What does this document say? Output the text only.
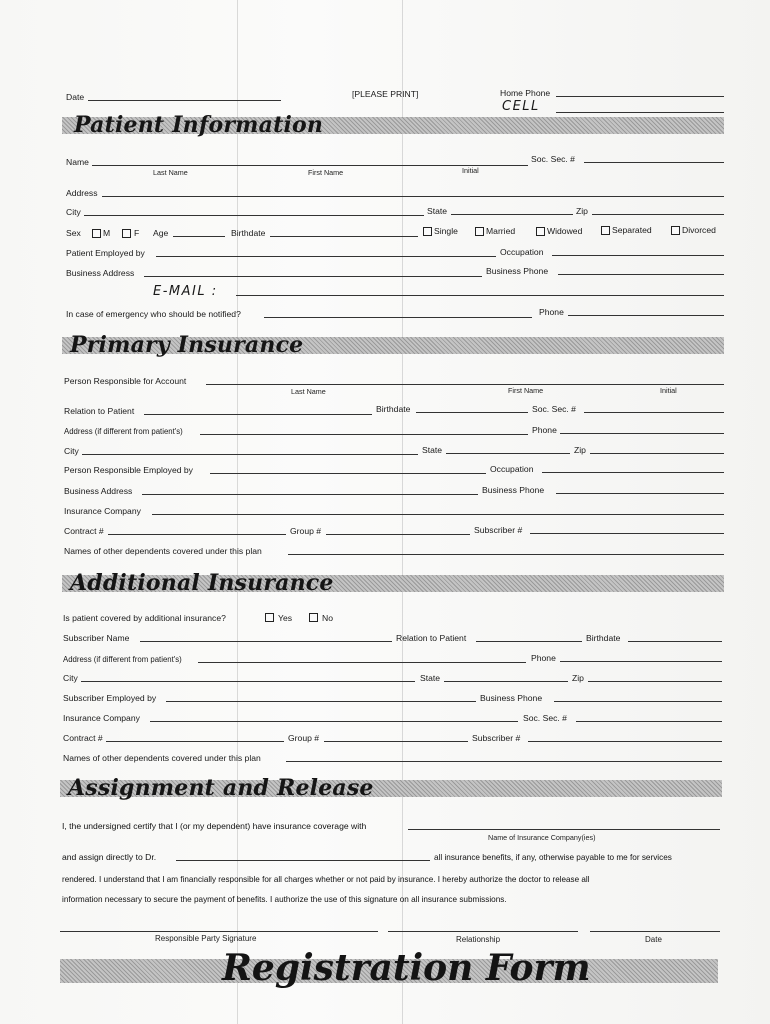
Date	[PLEASE PRINT]	Home Phone
CELL
Patient Information
Name	Soc. Sec. #
Last Name	First Name	Initial
Address
City	State	Zip
Sex	M	F Age	Birthdate	Single	Married	Widowed	Separated	Divorced
Patient Employed by	Occupation
Business Address	Business Phone
E-MAIL :
In case of emergency who should be notified?	Phone
Primary Insurance
Person Responsible for Account
Last Name	First Name	Initial
Relation to Patient	Birthdate	Soc. Sec. #
Address (if different from patient's)	Phone
City	State	Zip
Person Responsible Employed by	Occupation
Business Address	Business Phone
Insurance Company
Contract #	Group #	Subscriber #
Names of other dependents covered under this plan
Additional Insurance
Is patient covered by additional insurance?	Yes	No
Subscriber Name	Relation to Patient	Birthdate
Address (if different from patient's)	Phone
City	State	Zip
Subscriber Employed by	Business Phone
Insurance Company	Soc. Sec. #
Contract #	Group #	Subscriber #
Names of other dependents covered under this plan
Assignment and Release
I, the undersigned certify that I (or my dependent) have insurance coverage with
Name of Insurance Company(ies)
and assign directly to Dr.	all insurance benefits, if any, otherwise payable to me for services
rendered. I understand that I am financially responsible for all charges whether or not paid by insurance. I hereby authorize the doctor to release all
information necessary to secure the payment of benefits. I authorize the use of this signature on all insurance submissions.
Responsible Party Signature	Relationship	Date
Registration Form
